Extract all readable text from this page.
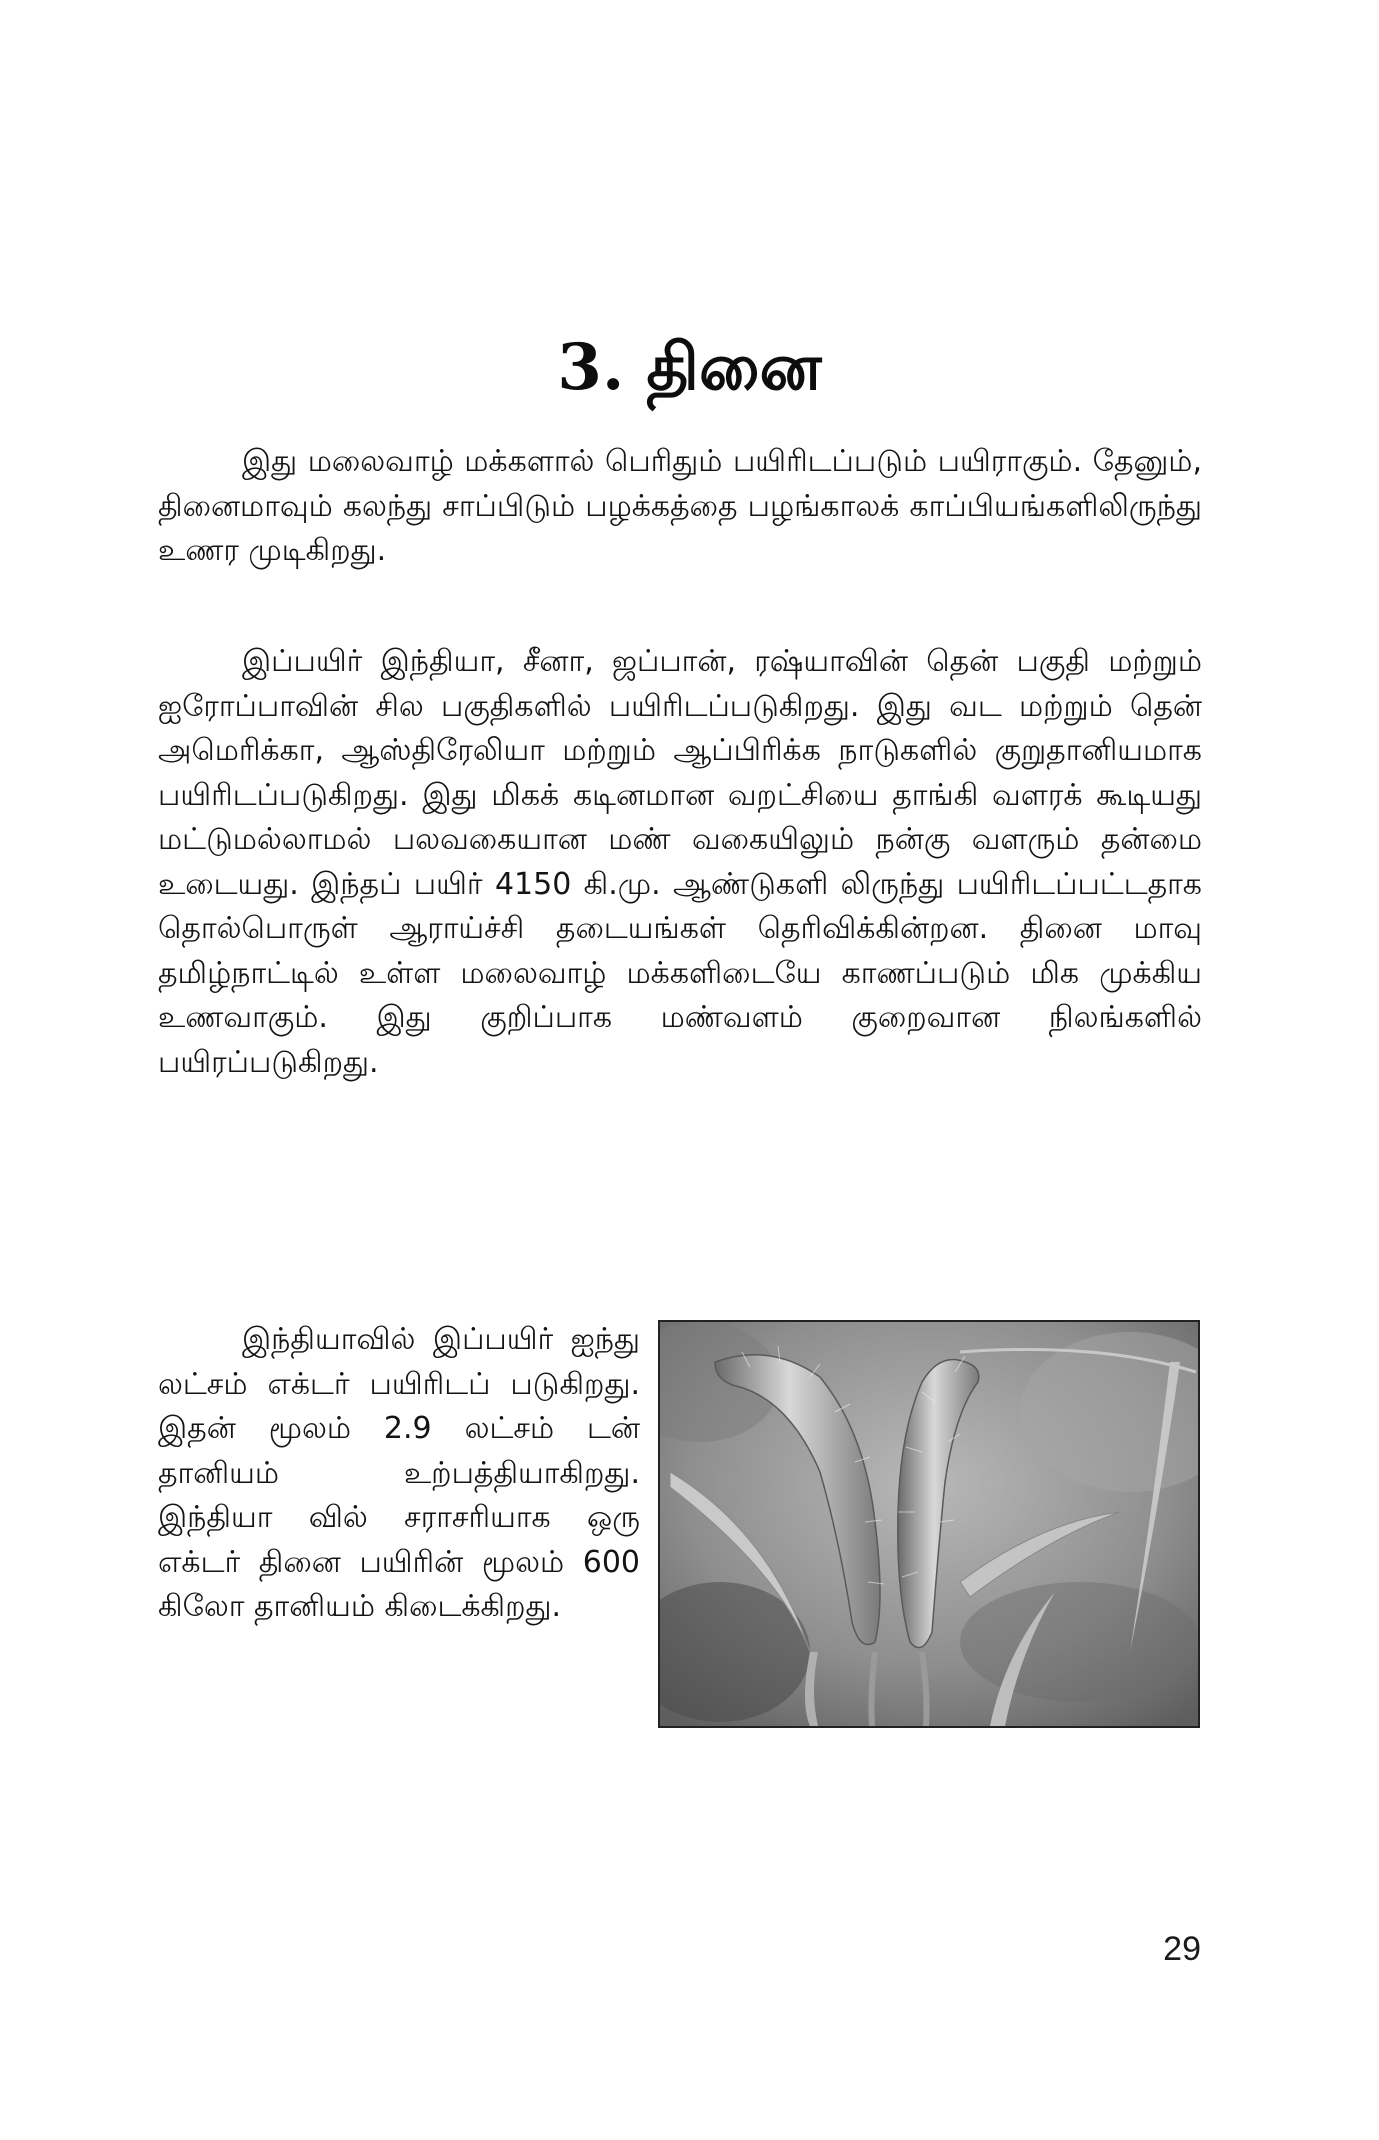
3. தினை

இது மலைவாழ் மக்களால் பெரிதும் பயிரிடப்படும் பயிராகும். தேனும், தினைமாவும் கலந்து சாப்பிடும் பழக்கத்தை பழங்காலக் காப்பியங்களிலிருந்து உணர முடிகிறது.

இப்பயிர் இந்தியா, சீனா, ஜப்பான், ரஷ்யாவின் தென் பகுதி மற்றும் ஐரோப்பாவின் சில பகுதிகளில் பயிரிடப்படுகிறது. இது வட மற்றும் தென் அமெரிக்கா, ஆஸ்திரேலியா மற்றும் ஆப்பிரிக்க நாடுகளில் குறுதானியமாக பயிரிடப்படுகிறது. இது மிகக் கடினமான வறட்சியை தாங்கி வளரக் கூடியது மட்டுமல்லாமல் பலவகையான மண் வகையிலும் நன்கு வளரும் தன்மை உடையது. இந்தப் பயிர் 4150 கி.மு. ஆண்டுகளி லிருந்து பயிரிடப்பட்டதாக தொல்பொருள் ஆராய்ச்சி தடையங்கள் தெரிவிக்கின்றன. தினை மாவு தமிழ்நாட்டில் உள்ள மலைவாழ் மக்களிடையே காணப்படும் மிக முக்கிய உணவாகும். இது குறிப்பாக மண்வளம் குறைவான நிலங்களில் பயிரப்படுகிறது.

இந்தியாவில் இப்பயிர் ஐந்து லட்சம் எக்டர் பயிரிடப் படுகிறது. இதன் மூலம் 2.9 லட்சம் டன் தானியம் உற்பத்தியாகிறது. இந்தியா வில் சராசரியாக ஒரு எக்டர் தினை பயிரின் மூலம் 600 கிலோ தானியம் கிடைக்கிறது.

29
